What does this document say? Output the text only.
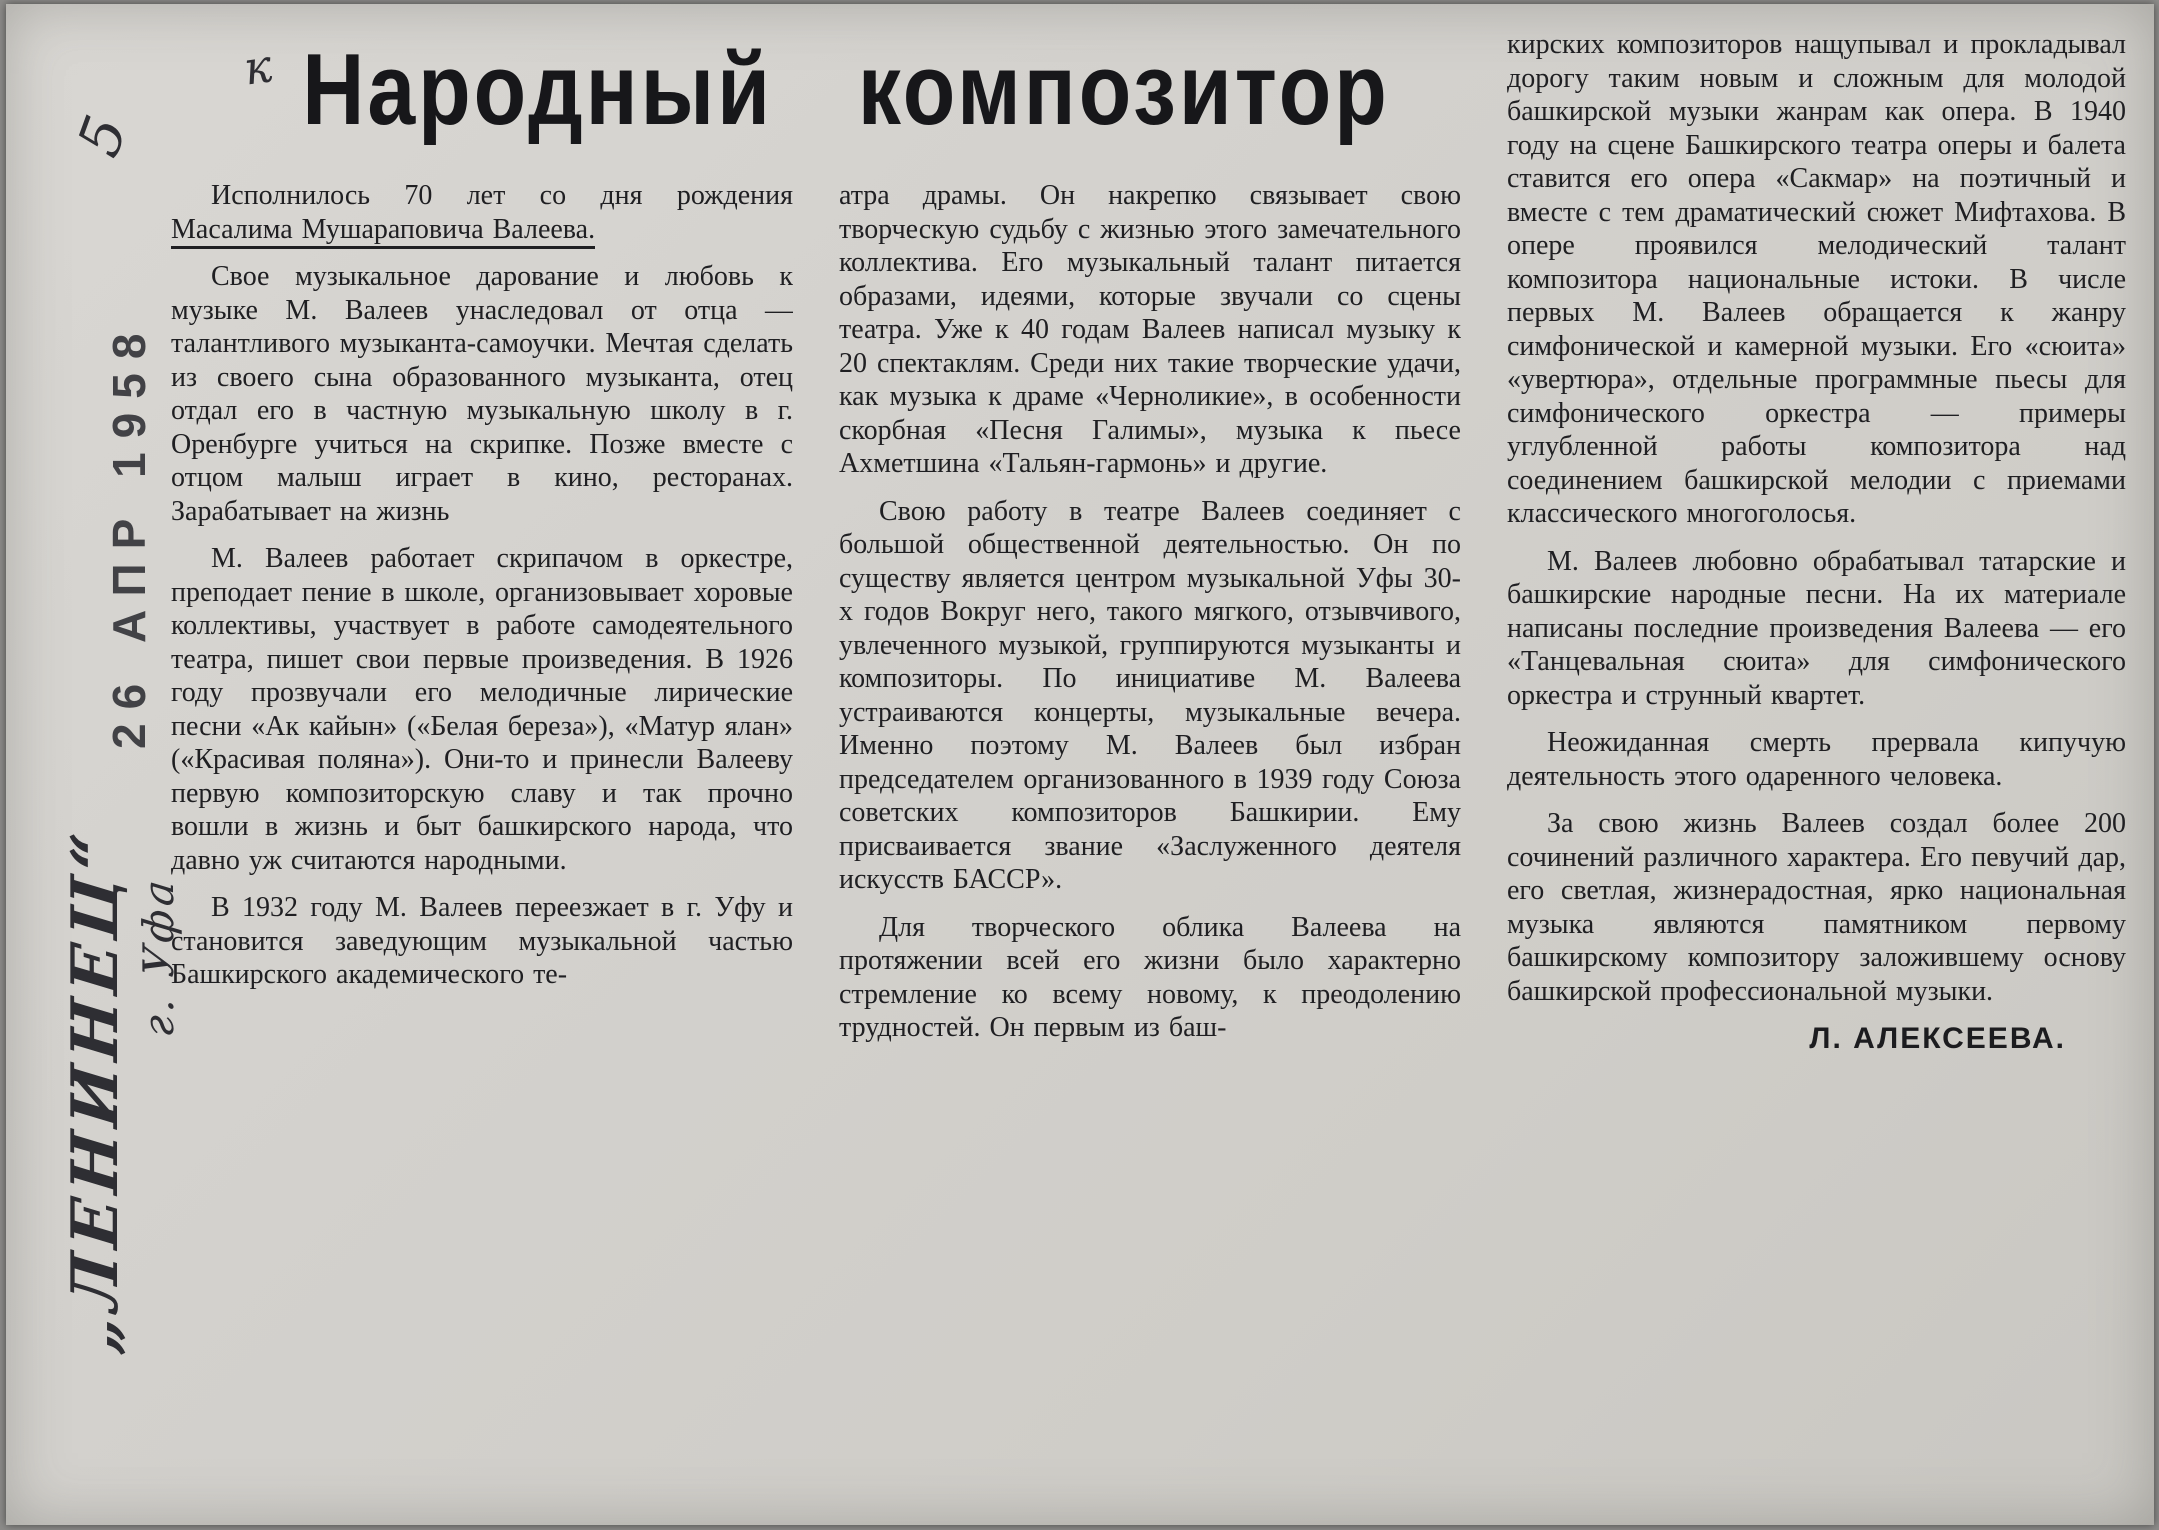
5
26 АПР 1958
„ЛЕНИНЕЦ“ г. Уфа
к Народный композитор

Исполнилось 70 лет со дня рождения Масалима Мушараповича Валеева.

Свое музыкальное дарование и любовь к музыке М. Валеев унаследовал от отца — талантливого музыканта-самоучки. Мечтая сделать из своего сына образованного музыканта, отец отдал его в частную музыкальную школу в г. Оренбурге учиться на скрипке. Позже вместе с отцом малыш играет в кино, ресторанах. Зарабатывает на жизнь

М. Валеев работает скрипачом в оркестре, преподает пение в школе, организовывает хоровые коллективы, участвует в работе самодеятельного театра, пишет свои первые произведения. В 1926 году прозвучали его мелодичные лирические песни «Ак кайын» («Белая береза»), «Матур ялан» («Красивая поляна»). Они-то и принесли Валееву первую композиторскую славу и так прочно вошли в жизнь и быт башкирского народа, что давно уж считаются народными.

В 1932 году М. Валеев переезжает в г. Уфу и становится заведующим музыкальной частью Башкирского академического те-

атра драмы. Он накрепко связывает свою творческую судьбу с жизнью этого замечательного коллектива. Его музыкальный талант питается образами, идеями, которые звучали со сцены театра. Уже к 40 годам Валеев написал музыку к 20 спектаклям. Среди них такие творческие удачи, как музыка к драме «Черноликие», в особенности скорбная «Песня Галимы», музыка к пьесе Ахметшина «Тальян-гармонь» и другие.

Свою работу в театре Валеев соединяет с большой общественной деятельностью. Он по существу является центром музыкальной Уфы 30-х годов Вокруг него, такого мягкого, отзывчивого, увлеченного музыкой, группируются музыканты и композиторы. По инициативе М. Валеева устраиваются концерты, музыкальные вечера. Именно поэтому М. Валеев был избран председателем организованного в 1939 году Союза советских композиторов Башкирии. Ему присваивается звание «Заслуженного деятеля искусств БАССР».

Для творческого облика Валеева на протяжении всей его жизни было характерно стремление ко всему новому, к преодолению трудностей. Он первым из баш-

кирских композиторов нащупывал и прокладывал дорогу таким новым и сложным для молодой башкирской музыки жанрам как опера. В 1940 году на сцене Башкирского театра оперы и балета ставится его опера «Сакмар» на поэтичный и вместе с тем драматический сюжет Мифтахова. В опере проявился мелодический талант композитора национальные истоки. В числе первых М. Валеев обращается к жанру симфонической и камерной музыки. Его «сюита» «увертюра», отдельные программные пьесы для симфонического оркестра — примеры углубленной работы композитора над соединением башкирской мелодии с приемами классического многоголосья.

М. Валеев любовно обрабатывал татарские и башкирские народные песни. На их материале написаны последние произведения Валеева — его «Танцевальная сюита» для симфонического оркестра и струнный квартет.

Неожиданная смерть прервала кипучую деятельность этого одаренного человека.

За свою жизнь Валеев создал более 200 сочинений различного характера. Его певучий дар, его светлая, жизнерадостная, ярко национальная музыка являются памятником первому башкирскому композитору заложившему основу башкирской профессиональной музыки.

Л. АЛЕКСЕЕВА.
